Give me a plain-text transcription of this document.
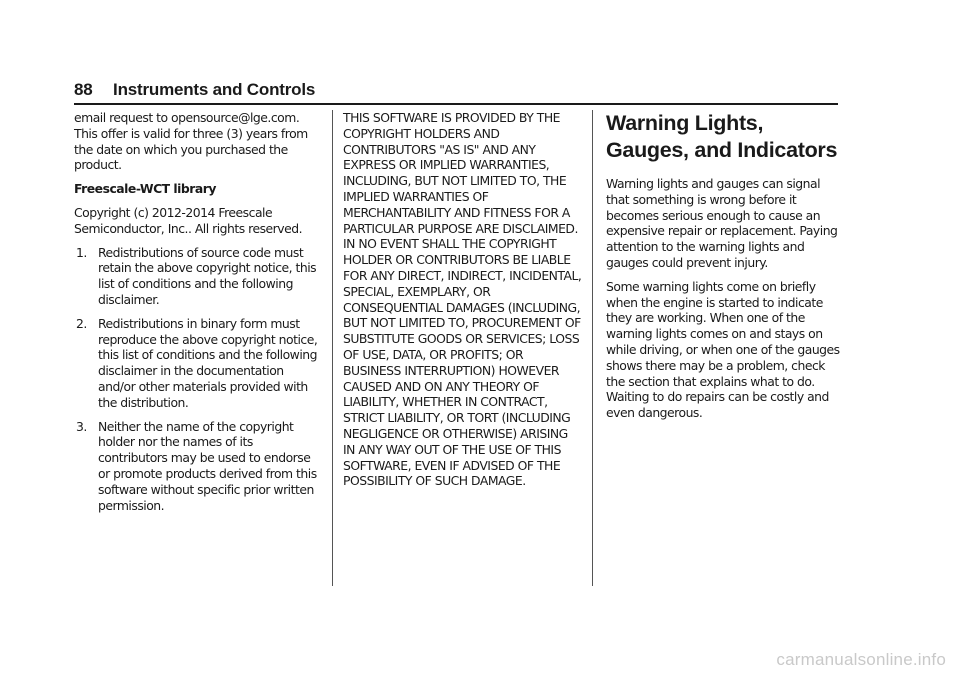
88 Instruments and Controls

email request to opensource@lge.com. This offer is valid for three (3) years from the date on which you purchased the product.

Freescale-WCT library

Copyright (c) 2012-2014 Freescale Semiconductor, Inc.. All rights reserved.

1. Redistributions of source code must retain the above copyright notice, this list of conditions and the following disclaimer.
2. Redistributions in binary form must reproduce the above copyright notice, this list of conditions and the following disclaimer in the documentation and/or other materials provided with the distribution.
3. Neither the name of the copyright holder nor the names of its contributors may be used to endorse or promote products derived from this software without specific prior written permission.

THIS SOFTWARE IS PROVIDED BY THE COPYRIGHT HOLDERS AND CONTRIBUTORS "AS IS" AND ANY EXPRESS OR IMPLIED WARRANTIES, INCLUDING, BUT NOT LIMITED TO, THE IMPLIED WARRANTIES OF MERCHANTABILITY AND FITNESS FOR A PARTICULAR PURPOSE ARE DISCLAIMED. IN NO EVENT SHALL THE COPYRIGHT HOLDER OR CONTRIBUTORS BE LIABLE FOR ANY DIRECT, INDIRECT, INCIDENTAL, SPECIAL, EXEMPLARY, OR CONSEQUENTIAL DAMAGES (INCLUDING, BUT NOT LIMITED TO, PROCUREMENT OF SUBSTITUTE GOODS OR SERVICES; LOSS OF USE, DATA, OR PROFITS; OR BUSINESS INTERRUPTION) HOWEVER CAUSED AND ON ANY THEORY OF LIABILITY, WHETHER IN CONTRACT, STRICT LIABILITY, OR TORT (INCLUDING NEGLIGENCE OR OTHERWISE) ARISING IN ANY WAY OUT OF THE USE OF THIS SOFTWARE, EVEN IF ADVISED OF THE POSSIBILITY OF SUCH DAMAGE.

Warning Lights, Gauges, and Indicators

Warning lights and gauges can signal that something is wrong before it becomes serious enough to cause an expensive repair or replacement. Paying attention to the warning lights and gauges could prevent injury.

Some warning lights come on briefly when the engine is started to indicate they are working. When one of the warning lights comes on and stays on while driving, or when one of the gauges shows there may be a problem, check the section that explains what to do. Waiting to do repairs can be costly and even dangerous.

carmanualsonline.info
